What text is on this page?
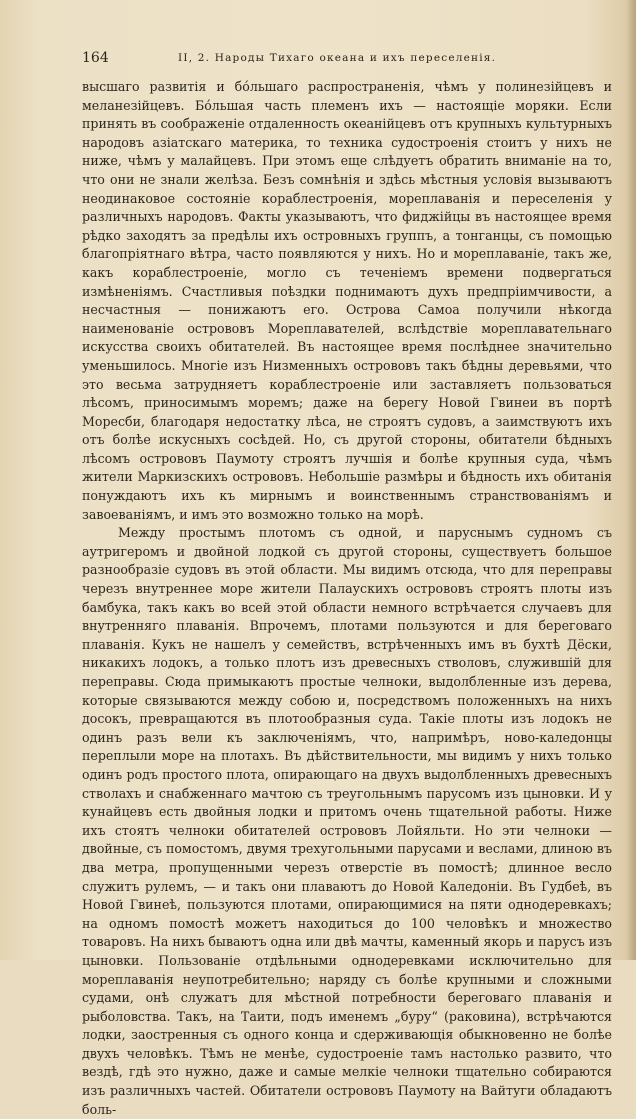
164	II, 2. Народы Тихаго океана и ихъ переселенія.

высшаго развитія и бо́льшаго распространенія, чѣмъ у полинезійцевъ и меланезійцевъ. Бо́льшая часть племенъ ихъ — настоящіе моряки. Если принять въ соображеніе отдаленность океанійцевъ отъ крупныхъ культурныхъ народовъ азіатскаго материка, то техника судостроенія стоитъ у нихъ не ниже, чѣмъ у малайцевъ. При этомъ еще слѣдуетъ обратить вниманіе на то, что они не знали желѣза. Безъ сомнѣнія и здѣсь мѣстныя условія вызываютъ неодинаковое состояніе кораблестроенія, мореплаванія и переселенія у различныхъ народовъ. Факты указываютъ, что фиджійцы въ настоящее время рѣдко заходятъ за предѣлы ихъ островныхъ группъ, а тонганцы, съ помощью благопріятнаго вѣтра, часто появляются у нихъ. Но и мореплаваніе, такъ же, какъ кораблестроеніе, могло съ теченіемъ времени подвергаться измѣненіямъ. Счастливыя поѣздки поднимаютъ духъ предпріимчивости, а несчастныя — понижаютъ его. Острова Самоа получили нѣкогда наименованіе острововъ Мореплавателей, вслѣдствіе мореплавательнаго искусства своихъ обитателей. Въ настоящее время послѣднее значительно уменьшилось. Многіе изъ Низменныхъ острововъ такъ бѣдны деревьями, что это весьма затрудняетъ кораблестроеніе или заставляетъ пользоваться лѣсомъ, приносимымъ моремъ; даже на берегу Новой Гвинеи въ портѣ Моресби, благодаря недостатку лѣса, не строятъ судовъ, а заимствуютъ ихъ отъ болѣе искусныхъ сосѣдей. Но, съ другой стороны, обитатели бѣдныхъ лѣсомъ острововъ Паумоту строятъ лучшія и болѣе крупныя суда, чѣмъ жители Маркизскихъ острововъ. Небольшіе размѣры и бѣдность ихъ обитанія понуждаютъ ихъ къ мирнымъ и воинственнымъ странствованіямъ и завоеваніямъ, и имъ это возможно только на морѣ.

Между простымъ плотомъ съ одной, и паруснымъ судномъ съ аутригеромъ и двойной лодкой съ другой стороны, существуетъ большое разнообразіе судовъ въ этой области. Мы видимъ отсюда, что для переправы черезъ внутреннее море жители Палаускихъ острововъ строятъ плоты изъ бамбука, такъ какъ во всей этой области немного встрѣчается случаевъ для внутренняго плаванія. Впрочемъ, плотами пользуются и для береговаго плаванія. Кукъ не нашелъ у семействъ, встрѣченныхъ имъ въ бухтѣ Дёски, никакихъ лодокъ, а только плотъ изъ древесныхъ стволовъ, служившій для переправы. Сюда примыкаютъ простые челноки, выдолбленные изъ дерева, которые связываются между собою и, посредствомъ положенныхъ на нихъ досокъ, превращаются въ плотообразныя суда. Такіе плоты изъ лодокъ не одинъ разъ вели къ заключеніямъ, что, напримѣръ, ново-каледонцы переплыли море на плотахъ. Въ дѣйствительности, мы видимъ у нихъ только одинъ родъ простого плота, опирающаго на двухъ выдолбленныхъ древесныхъ стволахъ и снабженнаго мачтою съ треугольнымъ парусомъ изъ цыновки. И у кунайцевъ есть двойныя лодки и притомъ очень тщательной работы. Ниже ихъ стоятъ челноки обитателей острововъ Лойяльти. Но эти челноки — двойные, съ помостомъ, двумя трехугольными парусами и веслами, длиною въ два метра, пропущенными черезъ отверстіе въ помостѣ; длинное весло служитъ рулемъ, — и такъ они плаваютъ до Новой Каледоніи. Въ Гудбеѣ, въ Новой Гвинеѣ, пользуются плотами, опирающимися на пяти однодеревкахъ; на одномъ помостѣ можетъ находиться до 100 человѣкъ и множество товаровъ. На нихъ бываютъ одна или двѣ мачты, каменный якорь и парусъ изъ цыновки. Пользованіе отдѣльными однодеревками исключительно для мореплаванія неупотребительно; наряду съ болѣе крупными и сложными судами, онѣ служатъ для мѣстной потребности береговаго плаванія и рыболовства. Такъ, на Таити, подъ именемъ „буру“ (раковина), встрѣчаются лодки, заостренныя съ одного конца и сдерживающія обыкновенно не болѣе двухъ человѣкъ. Тѣмъ не менѣе, судостроеніе тамъ настолько развито, что вездѣ, гдѣ это нужно, даже и самые мелкіе челноки тщательно собираются изъ различныхъ частей. Обитатели острововъ Паумоту на Вайтуги обладаютъ боль-
